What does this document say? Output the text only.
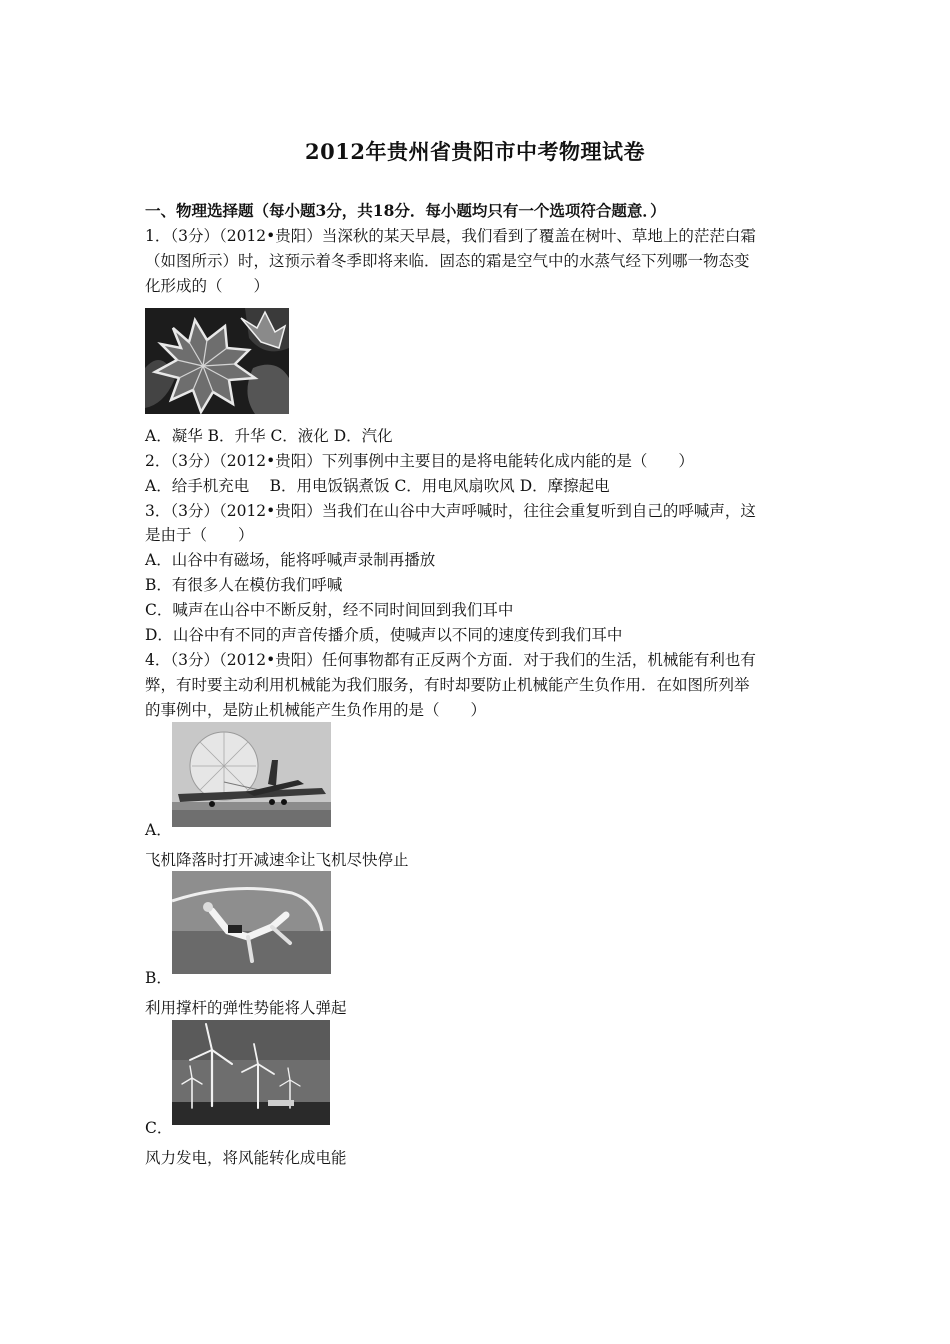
2012年贵州省贵阳市中考物理试卷
一、物理选择题（每小题3分，共18分．每小题均只有一个选项符合题意．）
1．（3分）（2012•贵阳）当深秋的某天早晨，我们看到了覆盖在树叶、草地上的茫茫白霜
（如图所示）时，这预示着冬季即将来临．固态的霜是空气中的水蒸气经下列哪一物态变
化形成的（　　）
A．凝华 B．升华 C．液化 D．汽化
2．（3分）（2012•贵阳）下列事例中主要目的是将电能转化成内能的是（　　）
A．给手机充电　 B．用电饭锅煮饭 C．用电风扇吹风 D．摩擦起电
3．（3分）（2012•贵阳）当我们在山谷中大声呼喊时，往往会重复听到自己的呼喊声，这
是由于（　　）
A．山谷中有磁场，能将呼喊声录制再播放
B．有很多人在模仿我们呼喊
C．喊声在山谷中不断反射，经不同时间回到我们耳中
D．山谷中有不同的声音传播介质，使喊声以不同的速度传到我们耳中
4．（3分）（2012•贵阳）任何事物都有正反两个方面．对于我们的生活，机械能有利也有
弊，有时要主动利用机械能为我们服务，有时却要防止机械能产生负作用．在如图所列举
的事例中，是防止机械能产生负作用的是（　　）
A．
飞机降落时打开减速伞让飞机尽快停止
B．
利用撑杆的弹性势能将人弹起
C．
风力发电，将风能转化成电能
